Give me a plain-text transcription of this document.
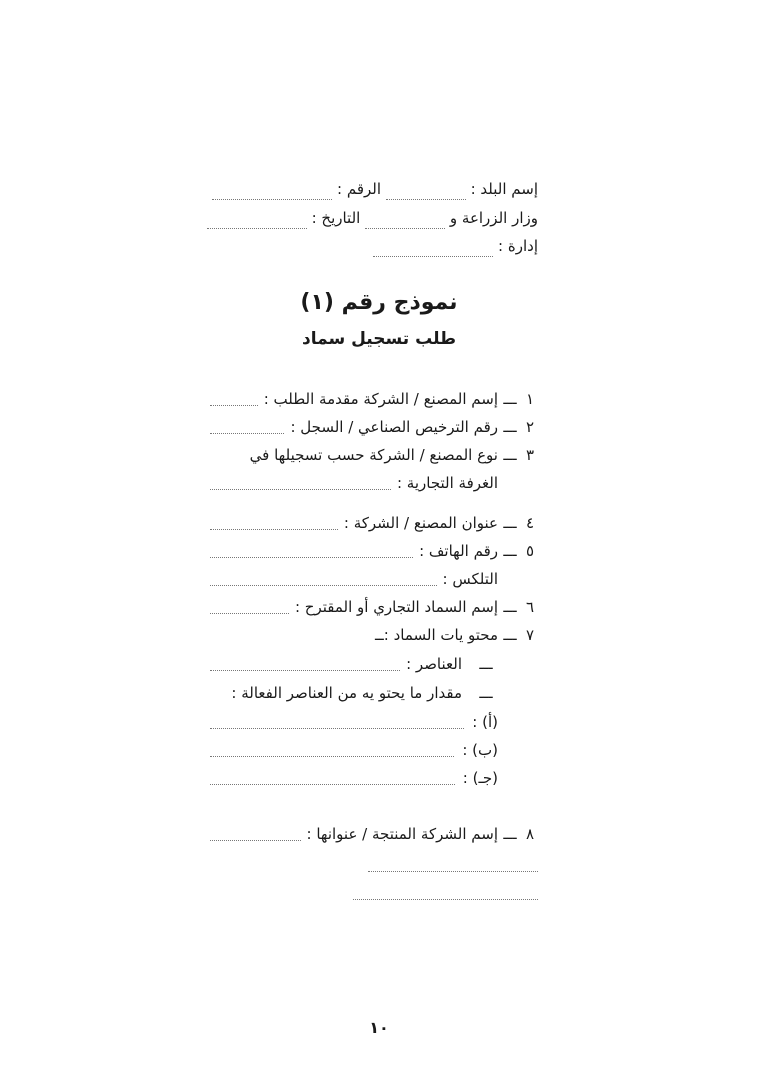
إسم البلد :  الرقم :
وزار الزراعة و  التاريخ :
إدارة :
نموذج رقم (١)
طلب تسجيل سماد
١
ـــ
إسم المصنع / الشركة مقدمة الطلب :
٢
ـــ
رقم الترخيص الصناعي / السجل :
٣
ـــ
نوع المصنع / الشركة حسب تسجيلها في
الغرفة التجارية :
٤
ـــ
عنوان المصنع / الشركة :
٥
ـــ
رقم الهاتف :
التلكس :
٦
ـــ
إسم السماد التجاري أو المقترح :
٧
ـــ
محتو يات السماد :ــ
ـــ
العناصر :
ـــ
مقدار ما يحتو يه من العناصر الفعالة :
(أ) :
(ب) :
(جـ) :
٨
ـــ
إسم الشركة المنتجة / عنوانها :
١٠
